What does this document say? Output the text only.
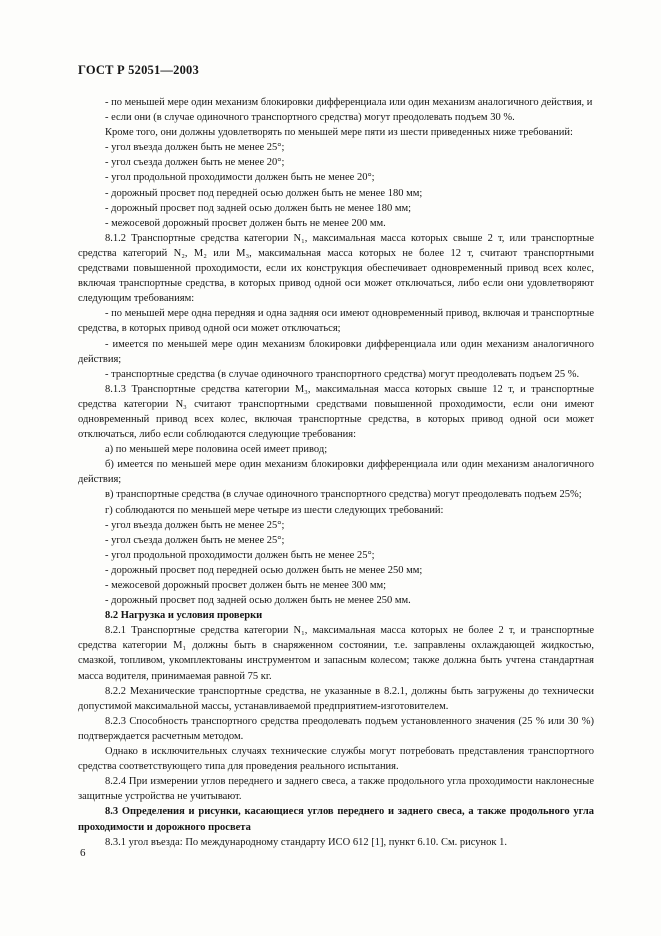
ГОСТ Р 52051—2003

- по меньшей мере один механизм блокировки дифференциала или один механизм аналогичного действия, и

- если они (в случае одиночного транспортного средства) могут преодолевать подъем 30 %.

Кроме того, они должны удовлетворять по меньшей мере пяти из шести приведенных ниже требований:

- угол въезда должен быть не менее 25°;

- угол съезда должен быть не менее 20°;

- угол продольной проходимости должен быть не менее 20°;

- дорожный просвет под передней осью должен быть не менее 180 мм;

- дорожный просвет под задней осью должен быть не менее 180 мм;

- межосевой дорожный просвет должен быть не менее 200 мм.

8.1.2 Транспортные средства категории N₁, максимальная масса которых свыше 2 т, или транспортные средства категорий N₂, M₂ или M₃, максимальная масса которых не более 12 т, считают транспортными средствами повышенной проходимости, если их конструкция обеспечивает одновременный привод всех колес, включая транспортные средства, в которых привод одной оси может отключаться, либо если они удовлетворяют следующим требованиям:

- по меньшей мере одна передняя и одна задняя оси имеют одновременный привод, включая и транспортные средства, в которых привод одной оси может отключаться;

- имеется по меньшей мере один механизм блокировки дифференциала или один механизм аналогичного действия;

- транспортные средства (в случае одиночного транспортного средства) могут преодолевать подъем 25 %.

8.1.3 Транспортные средства категории M₃, максимальная масса которых свыше 12 т, и транспортные средства категории N₃ считают транспортными средствами повышенной проходимости, если они имеют одновременный привод всех колес, включая транспортные средства, в которых привод одной оси может отключаться, либо если соблюдаются следующие требования:

а) по меньшей мере половина осей имеет привод;

б) имеется по меньшей мере один механизм блокировки дифференциала или один механизм аналогичного действия;

в) транспортные средства (в случае одиночного транспортного средства) могут преодолевать подъем 25%;

г) соблюдаются по меньшей мере четыре из шести следующих требований:

- угол въезда должен быть не менее 25°;

- угол съезда должен быть не менее 25°;

- угол продольной проходимости должен быть не менее 25°;

- дорожный просвет под передней осью должен быть не менее 250 мм;

- межосевой дорожный просвет должен быть не менее 300 мм;

- дорожный просвет под задней осью должен быть не менее 250 мм.

8.2 Нагрузка и условия проверки

8.2.1 Транспортные средства категории N₁, максимальная масса которых не более 2 т, и транспортные средства категории M₁ должны быть в снаряженном состоянии, т.е. заправлены охлаждающей жидкостью, смазкой, топливом, укомплектованы инструментом и запасным колесом; также должна быть учтена стандартная масса водителя, принимаемая равной 75 кг.

8.2.2 Механические транспортные средства, не указанные в 8.2.1, должны быть загружены до технически допустимой максимальной массы, устанавливаемой предприятием-изготовителем.

8.2.3 Способность транспортного средства преодолевать подъем установленного значения (25 % или 30 %) подтверждается расчетным методом.

Однако в исключительных случаях технические службы могут потребовать представления транспортного средства соответствующего типа для проведения реального испытания.

8.2.4 При измерении углов переднего и заднего свеса, а также продольного угла проходимости наклонесные защитные устройства не учитывают.

8.3 Определения и рисунки, касающиеся углов переднего и заднего свеса, а также продольного угла проходимости и дорожного просвета

8.3.1 угол въезда: По международному стандарту ИСО 612 [1], пункт 6.10. См. рисунок 1.

6
